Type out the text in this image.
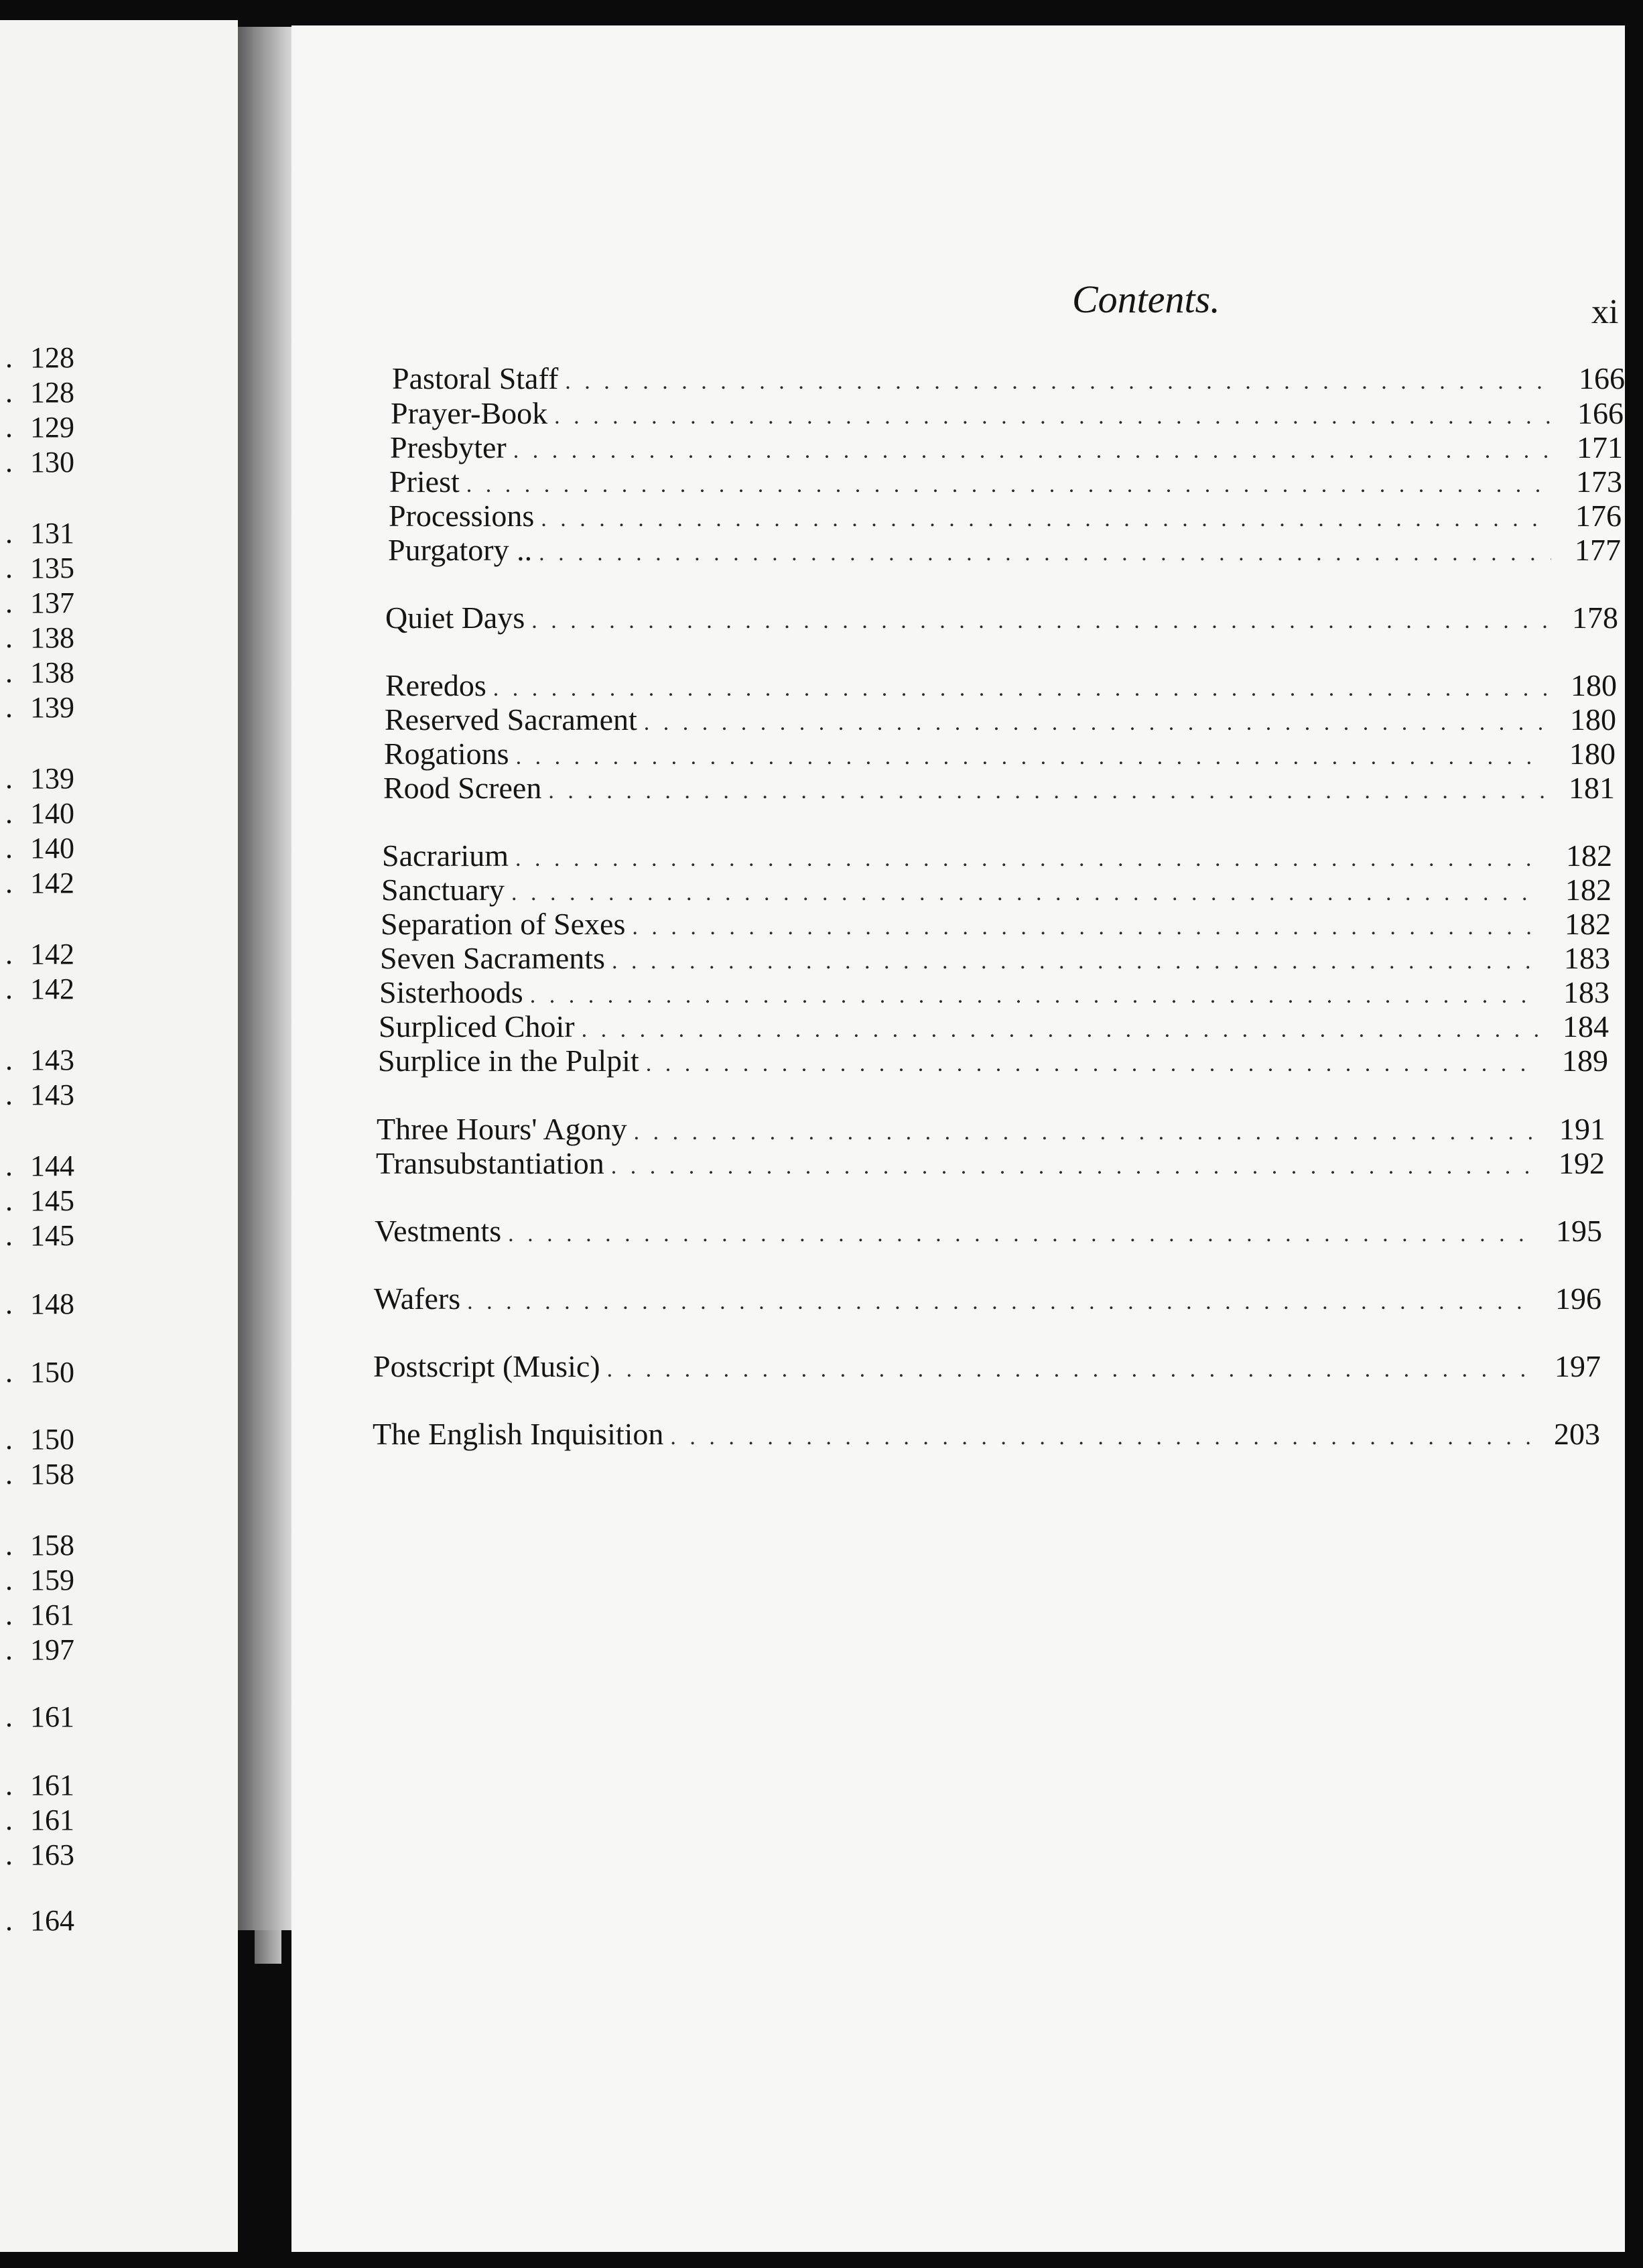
. 128
. 128
. 129
. 130
. 131
. 135
. 137
. 138
. 138
. 139
. 139
. 140
. 140
. 142
. 142
. 142
. 143
. 143
. 144
. 145
. 145
. 148
. 150
. 150
. 158
. 158
. 159
. 161
. 197
. 161
. 161
. 161
. 163
. 164
Contents.	xi
Pastoral Staff . . .	166
Prayer-Book . . .	166
Presbyter . . .	171
Priest . . .	173
Processions . . .	176
Purgatory .. . . .	177
Quiet Days . . .	178
Reredos . . .	180
Reserved Sacrament . . .	180
Rogations . . .	180
Rood Screen . . .	181
Sacrarium . . .	182
Sanctuary . . .	182
Separation of Sexes . . .	182
Seven Sacraments . . .	183
Sisterhoods . . .	183
Surpliced Choir . . .	184
Surplice in the Pulpit . . .	189
Three Hours' Agony . . .	191
Transubstantiation . . .	192
Vestments . . .	195
Wafers . . .	196
Postscript (Music) . . .	197
The English Inquisition . . .	203
